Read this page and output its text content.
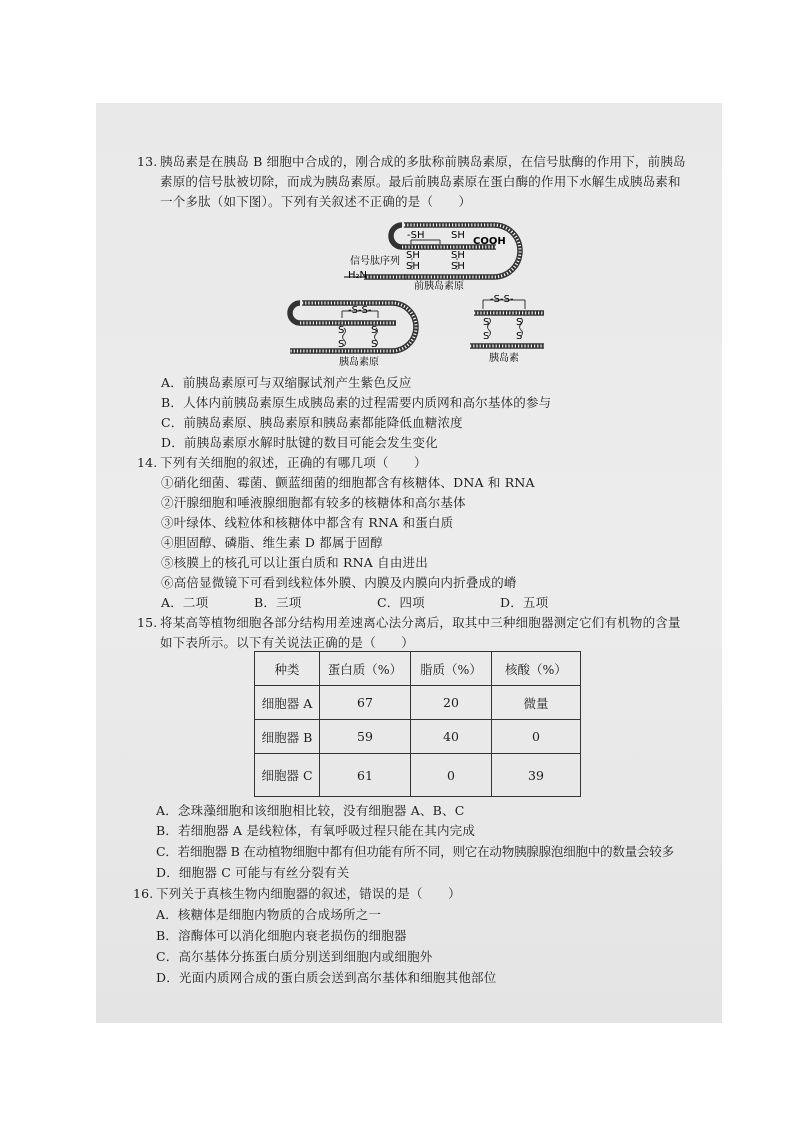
13. 胰岛素是在胰岛 B 细胞中合成的，刚合成的多肽称前胰岛素原，在信号肽酶的作用下，前胰岛
素原的信号肽被切除，而成为胰岛素原。最后前胰岛素原在蛋白酶的作用下水解生成胰岛素和
一个多肽（如下图）。下列有关叙述不正确的是（　　）
-SH	SH
COOH
SH	SH
SH	SH
信号肽序列
H₂N
前胰岛素原
-S-S-
S	S
S	S
胰岛素原
-S-S-
S	S
S	S
胰岛素
A．前胰岛素原可与双缩脲试剂产生紫色反应
B．人体内前胰岛素原生成胰岛素的过程需要内质网和高尔基体的参与
C．前胰岛素原、胰岛素原和胰岛素都能降低血糖浓度
D．前胰岛素原水解时肽键的数目可能会发生变化
14. 下列有关细胞的叙述，正确的有哪几项（　　）
①硝化细菌、霉菌、颤蓝细菌的细胞都含有核糖体、DNA 和 RNA
②汗腺细胞和唾液腺细胞都有较多的核糖体和高尔基体
③叶绿体、线粒体和核糖体中都含有 RNA 和蛋白质
④胆固醇、磷脂、维生素 D 都属于固醇
⑤核膜上的核孔可以让蛋白质和 RNA 自由进出
⑥高倍显微镜下可看到线粒体外膜、内膜及内膜向内折叠成的嵴
A．二项	B．三项	C．四项	D．五项
15. 将某高等植物细胞各部分结构用差速离心法分离后，取其中三种细胞器测定它们有机物的含量
如下表所示。以下有关说法正确的是（　　）
种类	蛋白质（%）	脂质（%）	核酸（%）
细胞器 A	67	20	微量
细胞器 B	59	40	0
细胞器 C	61	0	39
A．念珠藻细胞和该细胞相比较，没有细胞器 A、B、C
B．若细胞器 A 是线粒体，有氧呼吸过程只能在其内完成
C．若细胞器 B 在动植物细胞中都有但功能有所不同，则它在动物胰腺腺泡细胞中的数量会较多
D．细胞器 C 可能与有丝分裂有关
16. 下列关于真核生物内细胞器的叙述，错误的是（　　）
A．核糖体是细胞内物质的合成场所之一
B．溶酶体可以消化细胞内衰老损伤的细胞器
C．高尔基体分拣蛋白质分别送到细胞内或细胞外
D．光面内质网合成的蛋白质会送到高尔基体和细胞其他部位
